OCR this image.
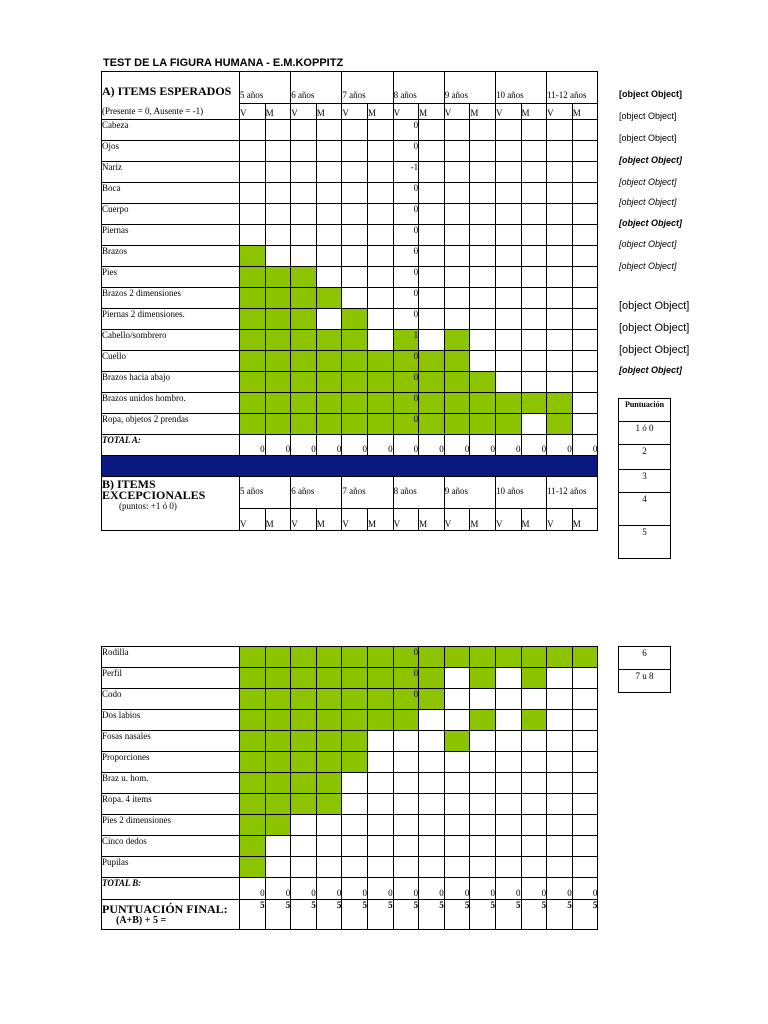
TEST DE LA FIGURA HUMANA - E.M.KOPPITZ
A) ITEMS ESPERADOS
(Presente = 0, Ausente = -1)	5 años		6 años		7 años		8 años		9 años		10 años		11-12 años	
	V	M	V	M	V	M	V	M	V	M	V	M	V	M
Cabeza							0							
Ojos							0							
Nariz							-1							
Boca							0							
Cuerpo							0							
Piernas							0							
Brazos							0							
Pies							0							
Brazos 2 dimensiones							0							
Piernas 2 dimensiones.							0							
Cabello/sombrero							1							
Cuello							0							
Brazos hacia abajo							0							
Brazos unidos hombro.							0							
Ropa, objetos 2 prendas							0							
TOTAL A:	0	0	0	0	0	0	0	0	0	0	0	0	0	0

B) ITEMS EXCEPCIONALES
(puntos: +1 ó 0)	5 años		6 años		7 años		8 años		9 años		10 años		11-12 años	
	V	M	V	M	V	M	V	M	V	M	V	M	V	M
Rodilla							0							
Perfil							0							
Codo							0							
Dos labios														
Fosas nasales														
Proporciones														
Braz u. hom.														
Ropa. 4 items														
Pies 2 dimensiones														
Cinco dedos														
Pupilas														
TOTAL B:	0	0	0	0	0	0	0	0	0	0	0	0	0	0

PUNTUACIÓN FINAL:
(A+B) + 5 =	5	5	5	5	5	5	5	5	5	5	5	5	5	5
[object Object]
[object Object]
[object Object]
[object Object]
[object Object]
[object Object]
[object Object]
[object Object]
[object Object]
[object Object]
[object Object]
[object Object]
[object Object]
Puntuación
1 ó 0
2
3
4
5
6
7 u 8
